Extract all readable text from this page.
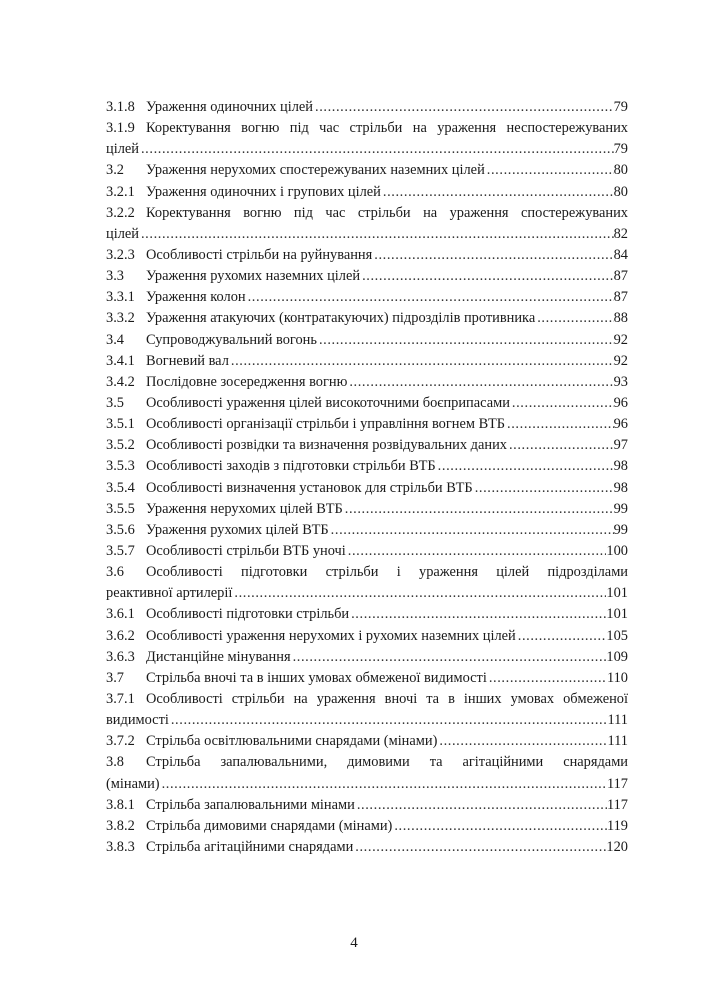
3.1.8 Ураження одиночних цілей .....	79
3.1.9 Коректування вогню під час стрільби на ураження неспостережуваних
цілей .....	79
3.2	Ураження нерухомих спостережуваних наземних цілей .....	80
3.2.1 Ураження одиночних і групових цілей .....	80
3.2.2 Коректування вогню під час стрільби на ураження спостережуваних
цілей .....	82
3.2.3 Особливості стрільби на руйнування .....	84
3.3	Ураження рухомих наземних цілей .....	87
3.3.1 Ураження колон .....	87
3.3.2 Ураження атакуючих (контратакуючих) підрозділів противника .....	88
3.4	Супроводжувальний вогонь .....	92
3.4.1 Вогневий вал .....	92
3.4.2 Послідовне зосередження вогню .....	93
3.5	Особливості ураження цілей високоточними боєприпасами .....	96
3.5.1 Особливості організації стрільби і управління вогнем ВТБ .....	96
3.5.2 Особливості розвідки та визначення розвідувальних даних .....	97
3.5.3 Особливості заходів з підготовки стрільби ВТБ .....	98
3.5.4 Особливості визначення установок для стрільби ВТБ .....	98
3.5.5 Ураження нерухомих цілей ВТБ .....	99
3.5.6 Ураження рухомих цілей ВТБ .....	99
3.5.7 Особливості стрільби ВТБ уночі .....	100
3.6	Особливості підготовки стрільби і ураження цілей підрозділами
реактивної артилерії .....	101
3.6.1 Особливості підготовки стрільби .....	101
3.6.2 Особливості ураження нерухомих і рухомих наземних цілей .....	105
3.6.3 Дистанційне мінування .....	109
3.7	Стрільба вночі та в інших умовах обмеженої видимості .....	110
3.7.1 Особливості стрільби на ураження вночі та в інших умовах обмеженої
видимості .....	111
3.7.2 Стрільба освітлювальними снарядами (мінами) .....	111
3.8	Стрільба запалювальними, димовими та агітаційними снарядами
(мінами) .....	117
3.8.1 Стрільба запалювальними мінами .....	117
3.8.2 Стрільба димовими снарядами (мінами) .....	119
3.8.3 Стрільба агітаційними снарядами .....	120
4
